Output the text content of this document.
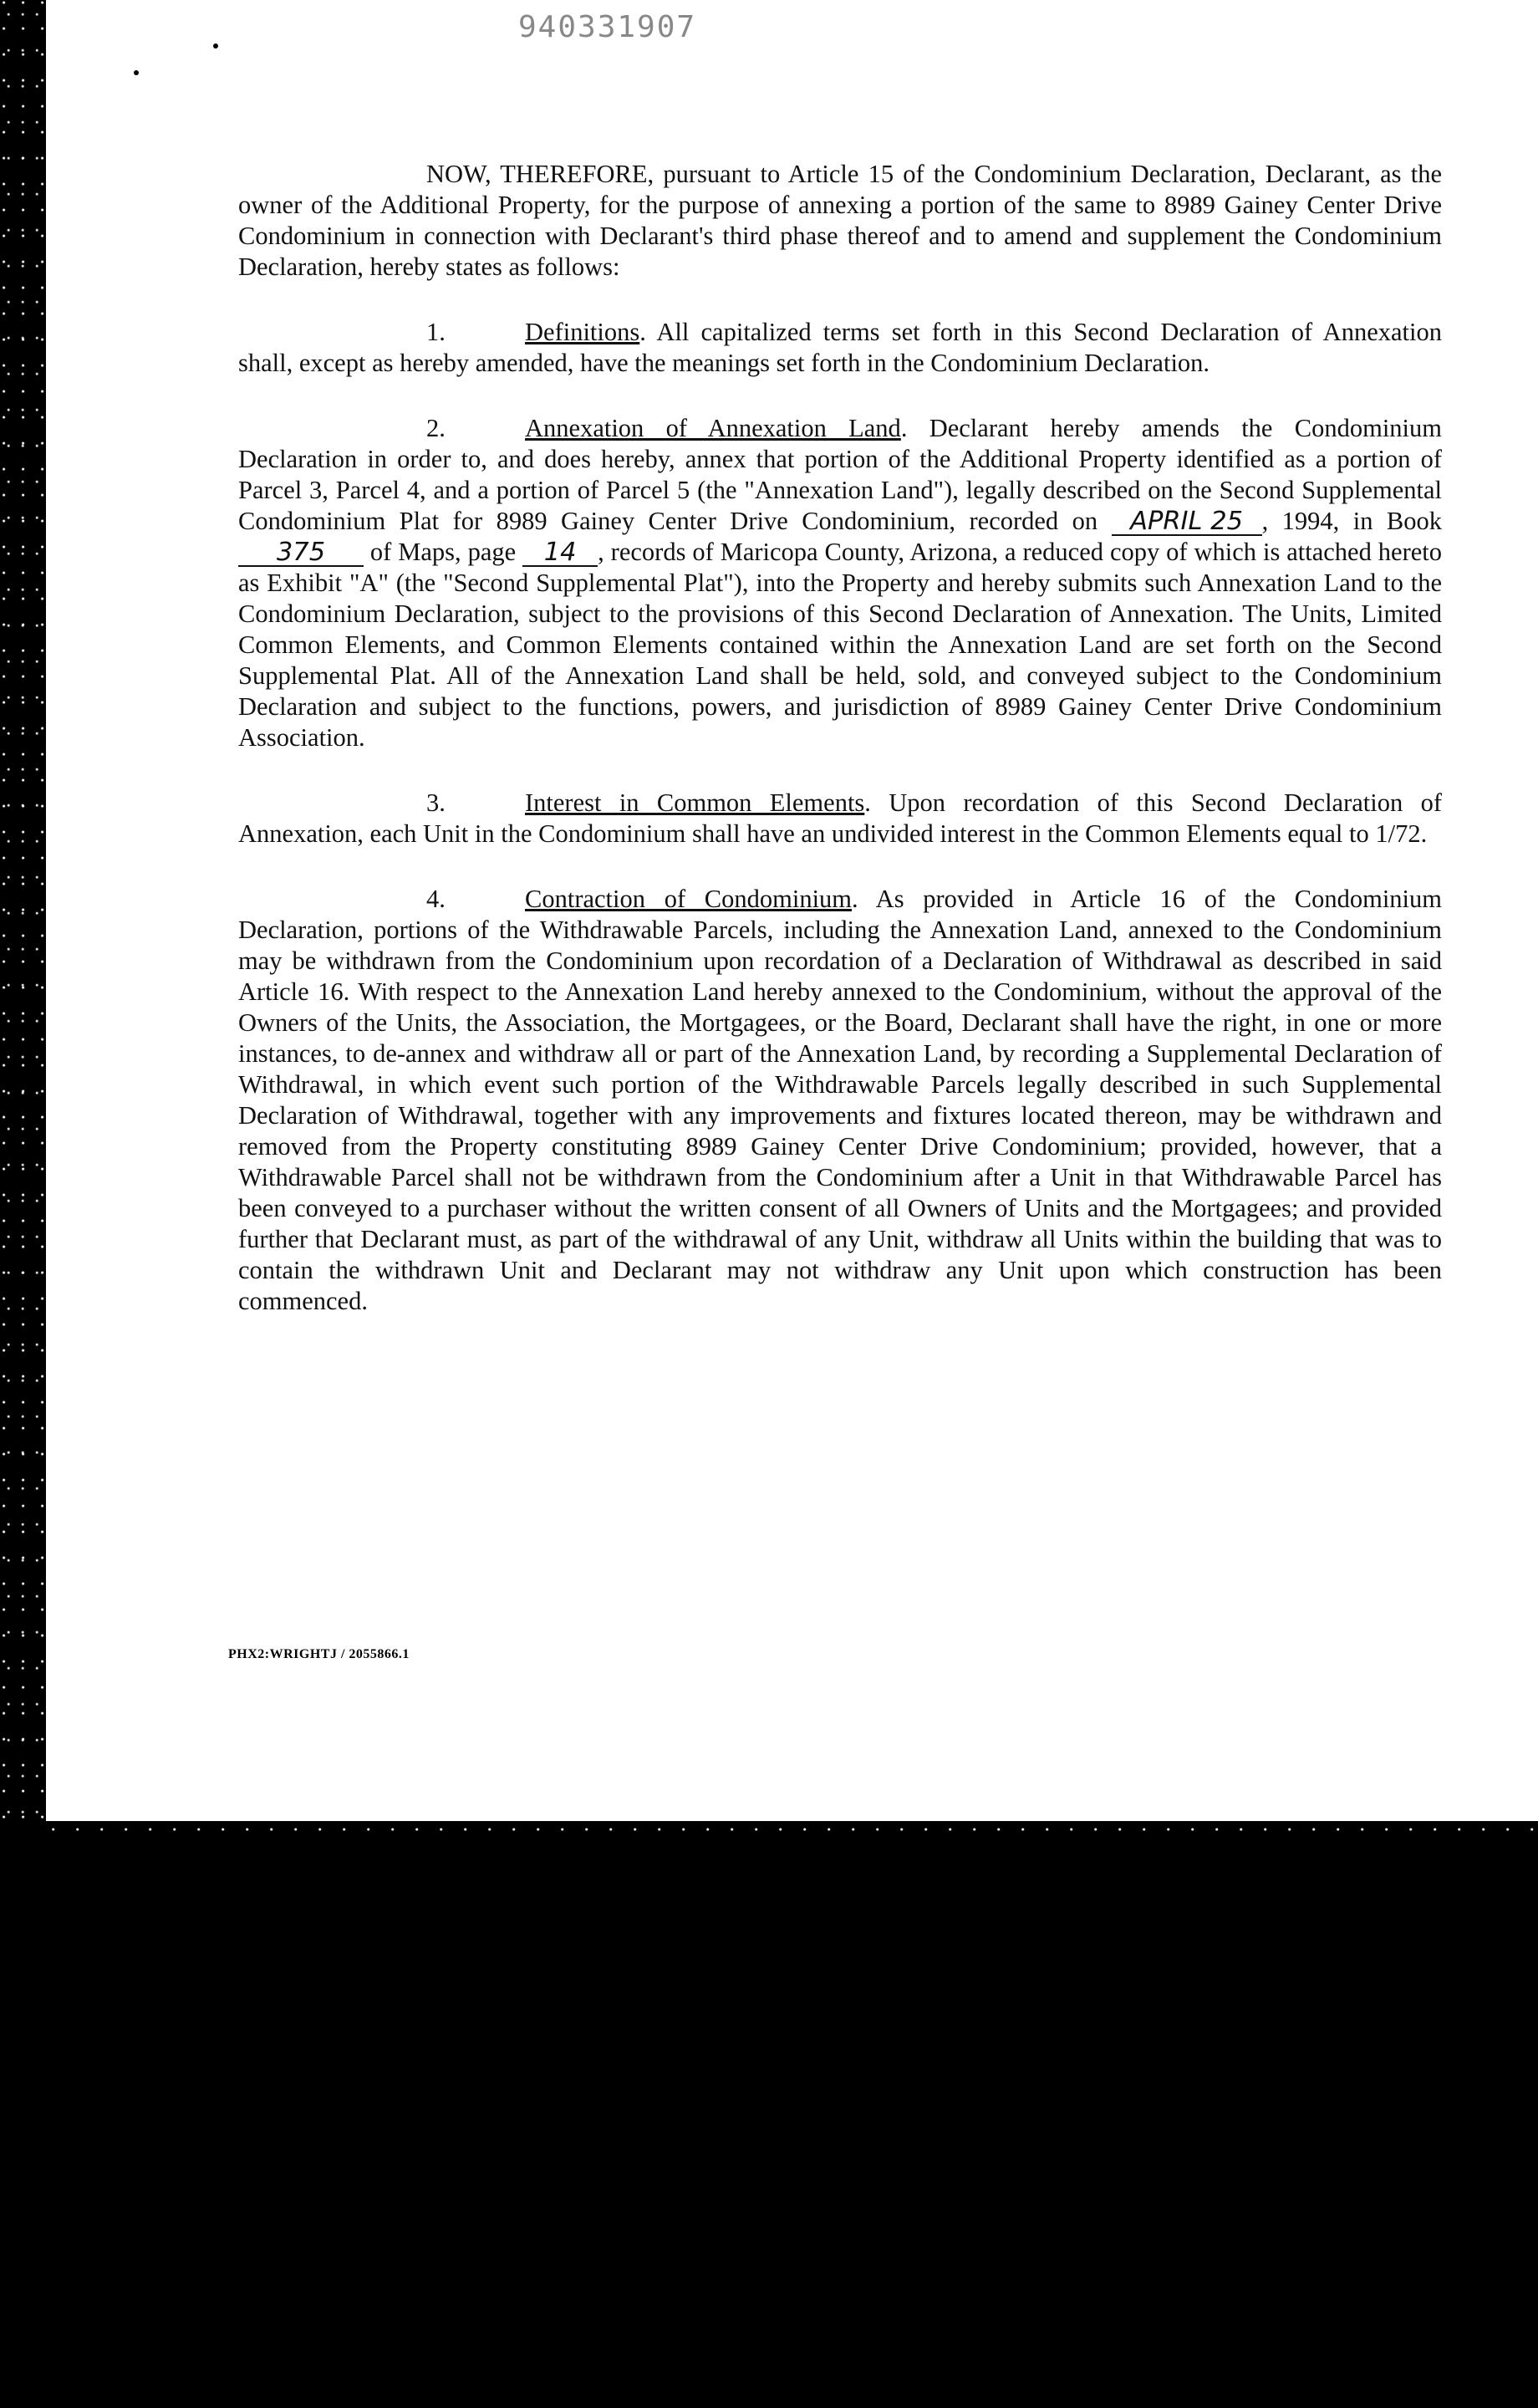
940331907

NOW, THEREFORE, pursuant to Article 15 of the Condominium Declaration, Declarant, as the owner of the Additional Property, for the purpose of annexing a portion of the same to 8989 Gainey Center Drive Condominium in connection with Declarant's third phase thereof and to amend and supplement the Condominium Declaration, hereby states as follows:

1.	Definitions. All capitalized terms set forth in this Second Declaration of Annexation shall, except as hereby amended, have the meanings set forth in the Condominium Declaration.

2.	Annexation of Annexation Land. Declarant hereby amends the Condominium Declaration in order to, and does hereby, annex that portion of the Additional Property identified as a portion of Parcel 3, Parcel 4, and a portion of Parcel 5 (the "Annexation Land"), legally described on the Second Supplemental Condominium Plat for 8989 Gainey Center Drive Condominium, recorded on APRIL 25 , 1994, in Book 375 of Maps, page 14 , records of Maricopa County, Arizona, a reduced copy of which is attached hereto as Exhibit "A" (the "Second Supplemental Plat"), into the Property and hereby submits such Annexation Land to the Condominium Declaration, subject to the provisions of this Second Declaration of Annexation. The Units, Limited Common Elements, and Common Elements contained within the Annexation Land are set forth on the Second Supplemental Plat. All of the Annexation Land shall be held, sold, and conveyed subject to the Condominium Declaration and subject to the functions, powers, and jurisdiction of 8989 Gainey Center Drive Condominium Association.

3.	Interest in Common Elements. Upon recordation of this Second Declaration of Annexation, each Unit in the Condominium shall have an undivided interest in the Common Elements equal to 1/72.

4.	Contraction of Condominium. As provided in Article 16 of the Condominium Declaration, portions of the Withdrawable Parcels, including the Annexation Land, annexed to the Condominium may be withdrawn from the Condominium upon recordation of a Declaration of Withdrawal as described in said Article 16. With respect to the Annexation Land hereby annexed to the Condominium, without the approval of the Owners of the Units, the Association, the Mortgagees, or the Board, Declarant shall have the right, in one or more instances, to de-annex and withdraw all or part of the Annexation Land, by recording a Supplemental Declaration of Withdrawal, in which event such portion of the Withdrawable Parcels legally described in such Supplemental Declaration of Withdrawal, together with any improvements and fixtures located thereon, may be withdrawn and removed from the Property constituting 8989 Gainey Center Drive Condominium; provided, however, that a Withdrawable Parcel shall not be withdrawn from the Condominium after a Unit in that Withdrawable Parcel has been conveyed to a purchaser without the written consent of all Owners of Units and the Mortgagees; and provided further that Declarant must, as part of the withdrawal of any Unit, withdraw all Units within the building that was to contain the withdrawn Unit and Declarant may not withdraw any Unit upon which construction has been commenced.

PHX2:WRIGHTJ / 2055866.1
